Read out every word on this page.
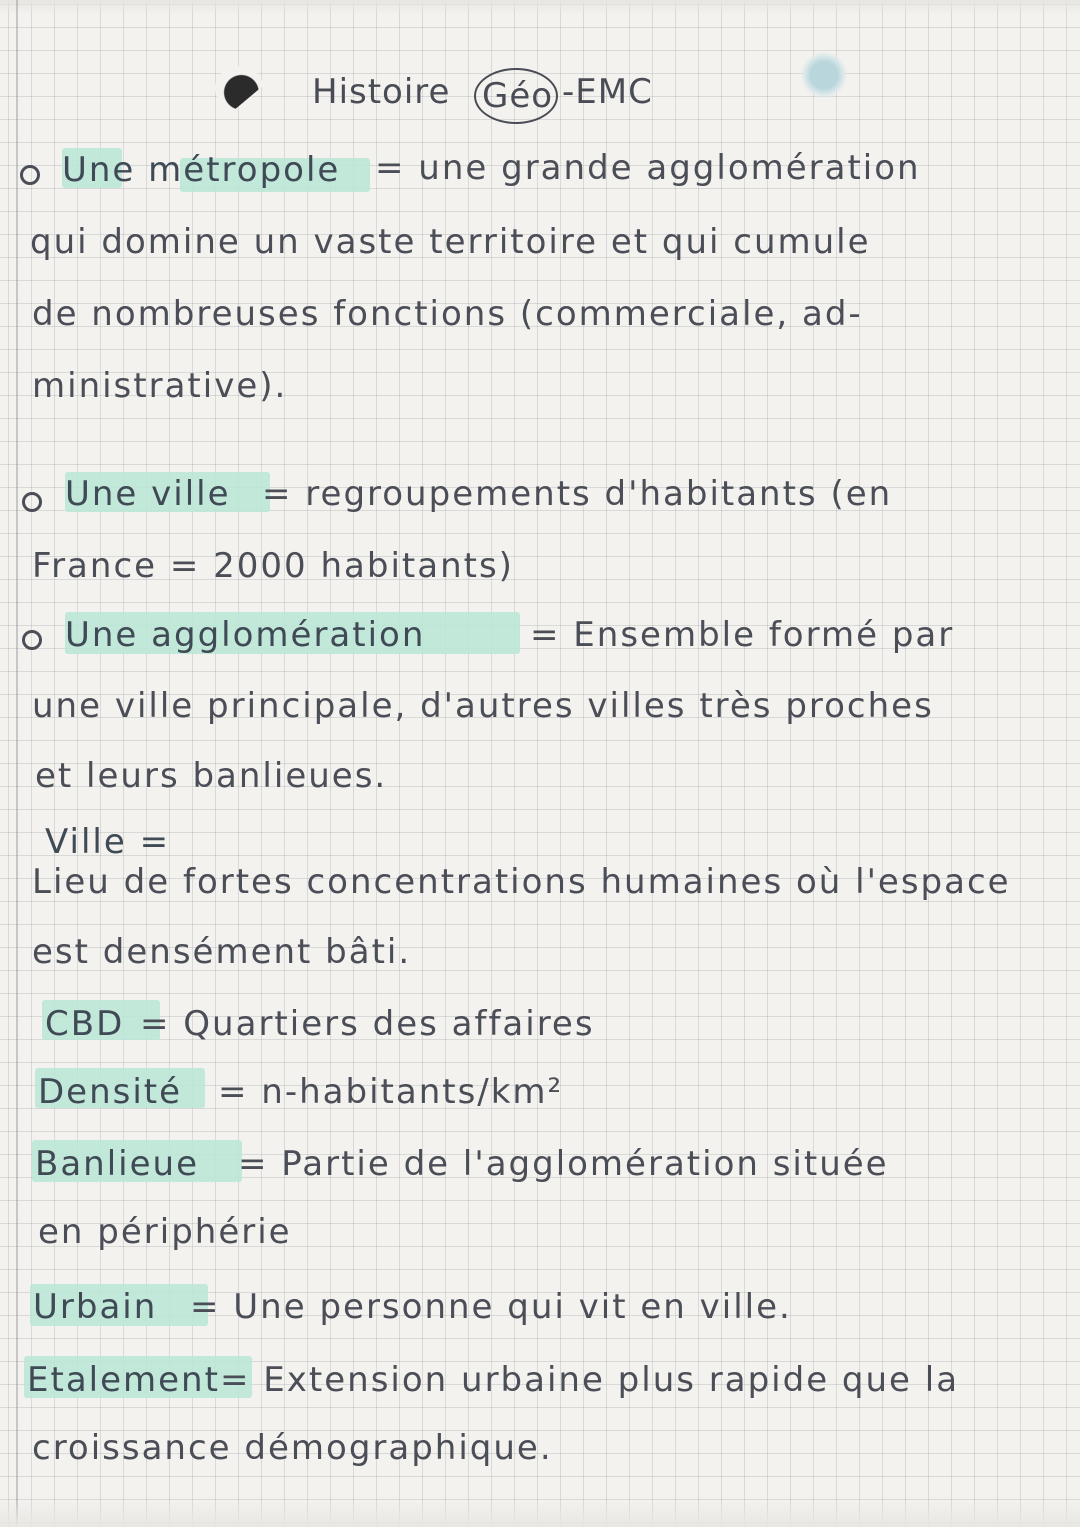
Histoire Géo -EMC
Une métropole = une grande agglomération
qui domine un vaste territoire et qui cumule
de nombreuses fonctions (commerciale, ad-
ministrative).
Une ville = regroupements d'habitants (en
France = 2000 habitants)
Une agglomération	= Ensemble formé par
une ville principale, d'autres villes très proches
et leurs banlieues.
Ville =
Lieu de fortes concentrations humaines où l'espace
est densément bâti.
CBD = Quartiers des affaires
Densité = n-habitants/km²
Banlieue = Partie de l'agglomération située
en périphérie
Urbain = Une personne qui vit en ville.
Etalement = Extension urbaine plus rapide que la
croissance démographique.
